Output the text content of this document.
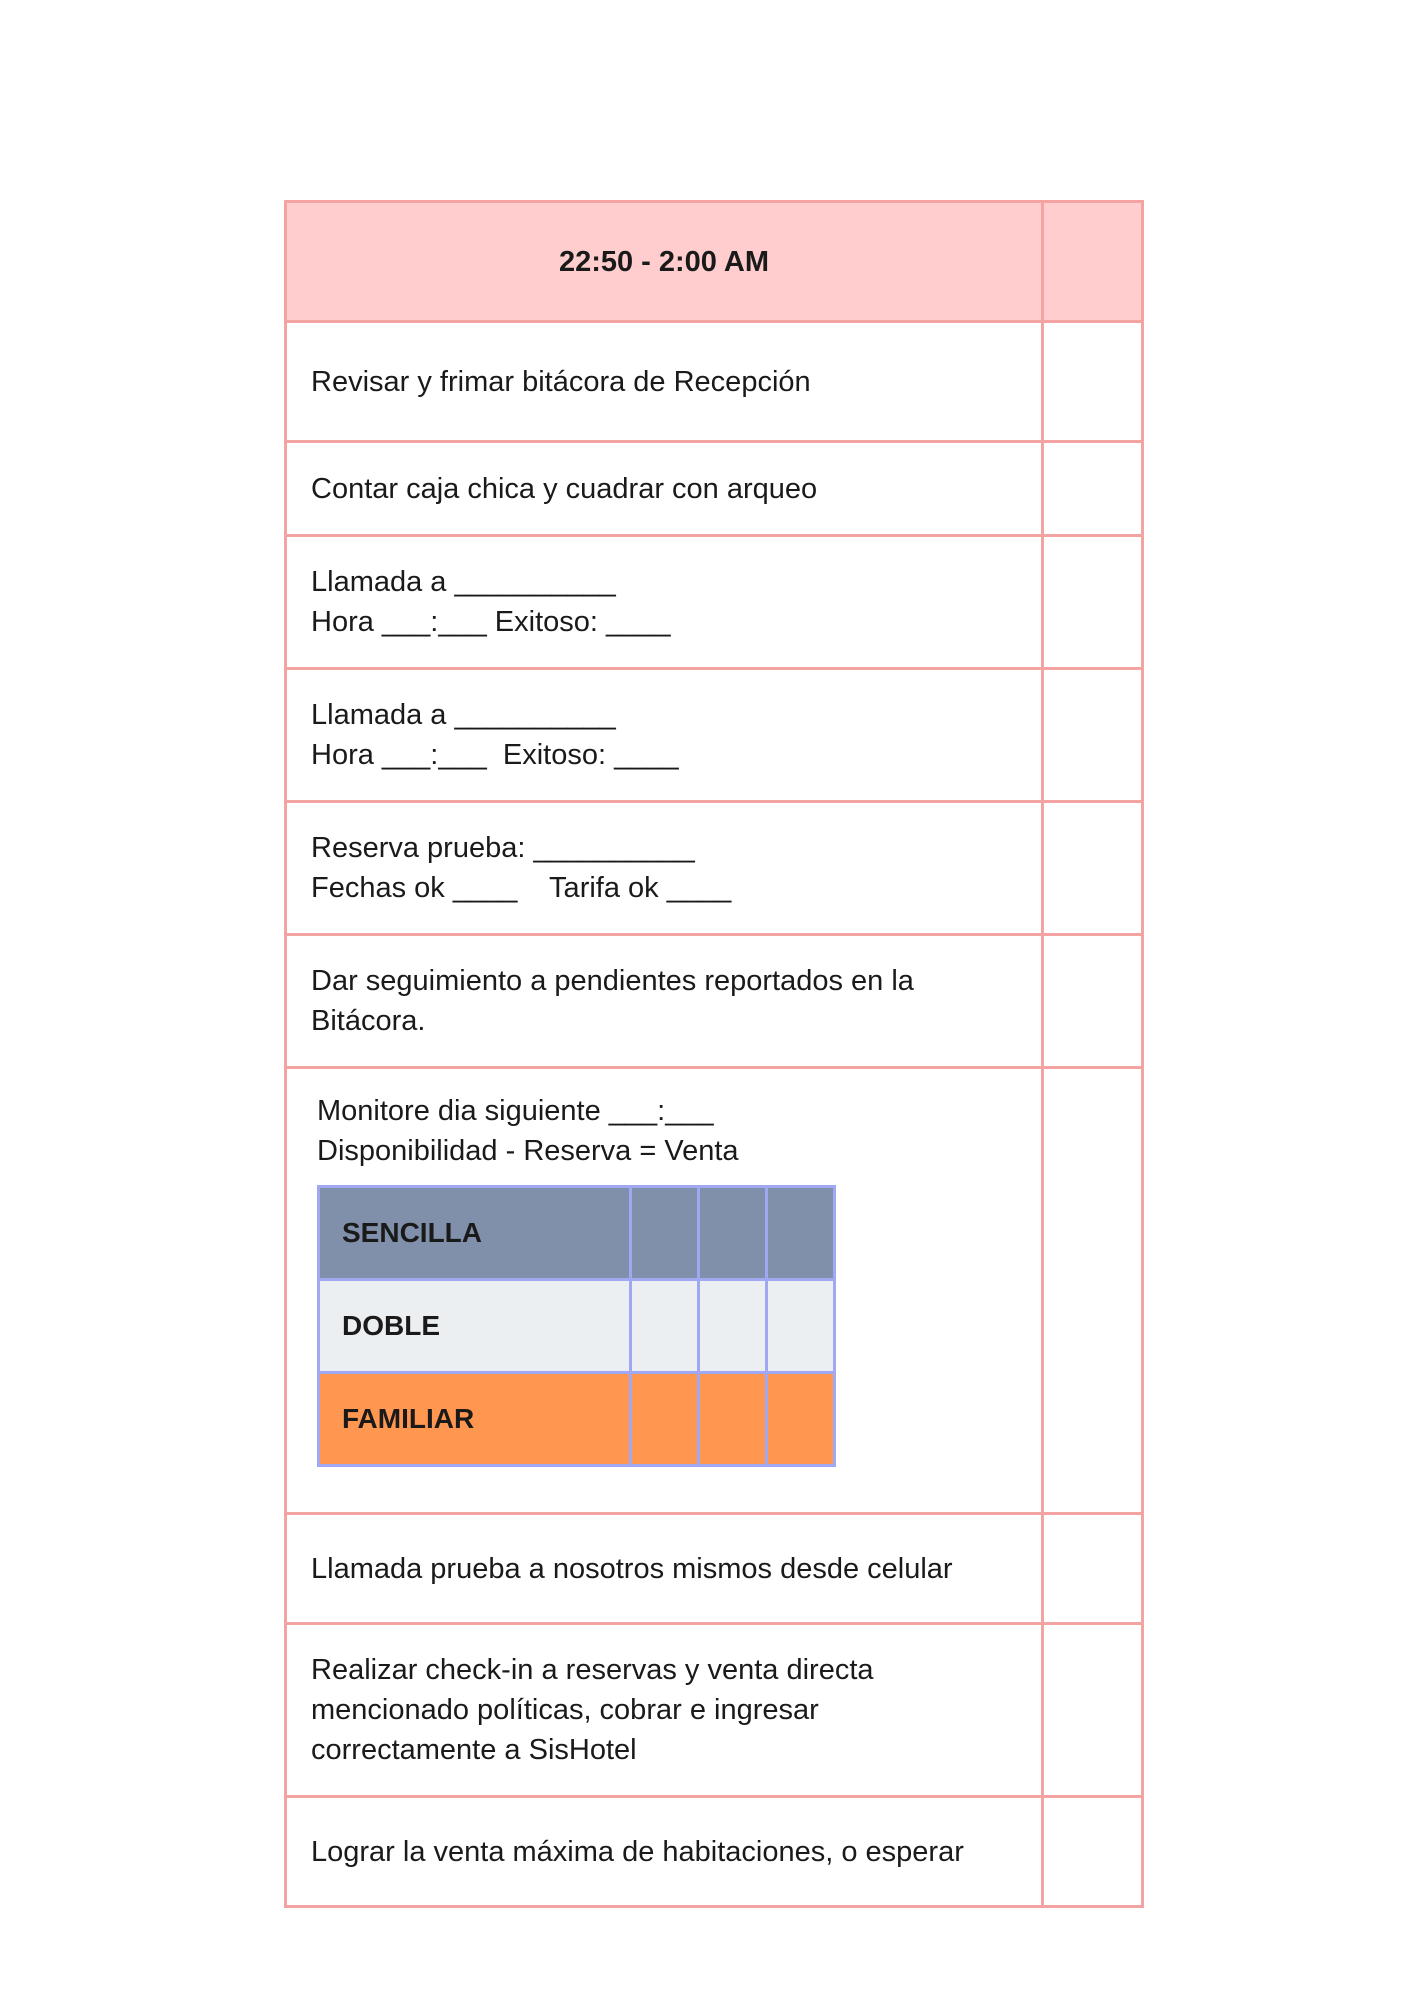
22:50 - 2:00 AM	

Revisar y frimar bitácora de Recepción

Contar caja chica y cuadrar con arqueo

Llamada a __________
Hora ___:___ Exitoso: ____

Llamada a __________
Hora ___:___  Exitoso: ____

Reserva prueba: __________
Fechas ok ____    Tarifa ok ____

Dar seguimiento a pendientes reportados en la Bitácora.

Monitore dia siguiente ___:___
Disponibilidad - Reserva = Venta
SENCILLA			
DOBLE			
FAMILIAR			

Llamada prueba a nosotros mismos desde celular

Realizar check-in a reservas y venta directa mencionado políticas, cobrar e ingresar correctamente a SisHotel

Lograr la venta máxima de habitaciones, o esperar
